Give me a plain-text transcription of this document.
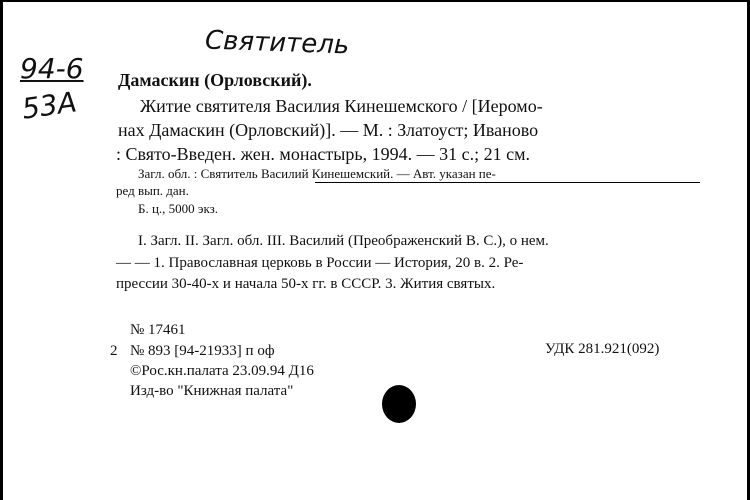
Святитель
94-6
53А
Дамаскин (Орловский).
Житие святителя Василия Кинешемского / [Иеромо-
нах Дамаскин (Орловский)]. — М. : Златоуст; Иваново
: Свято-Введен. жен. монастырь, 1994. — 31 с.; 21 см.
Загл. обл. : Святитель Василий Кинешемский. — Авт. указан пе-
ред вып. дан.
Б. ц., 5000 экз.
I. Загл. II. Загл. обл. III. Василий (Преображенский В. С.), о нем.
— — 1. Православная церковь в России — История, 20 в. 2. Ре-
прессии 30-40-х и начала 50-х гг. в СССР. 3. Жития святых.
№ 17461
2 № 893 [94-21933] п оф	УДК 281.921(092)
©Рос.кн.палата 23.09.94 Д16
Изд-во "Книжная палата"
